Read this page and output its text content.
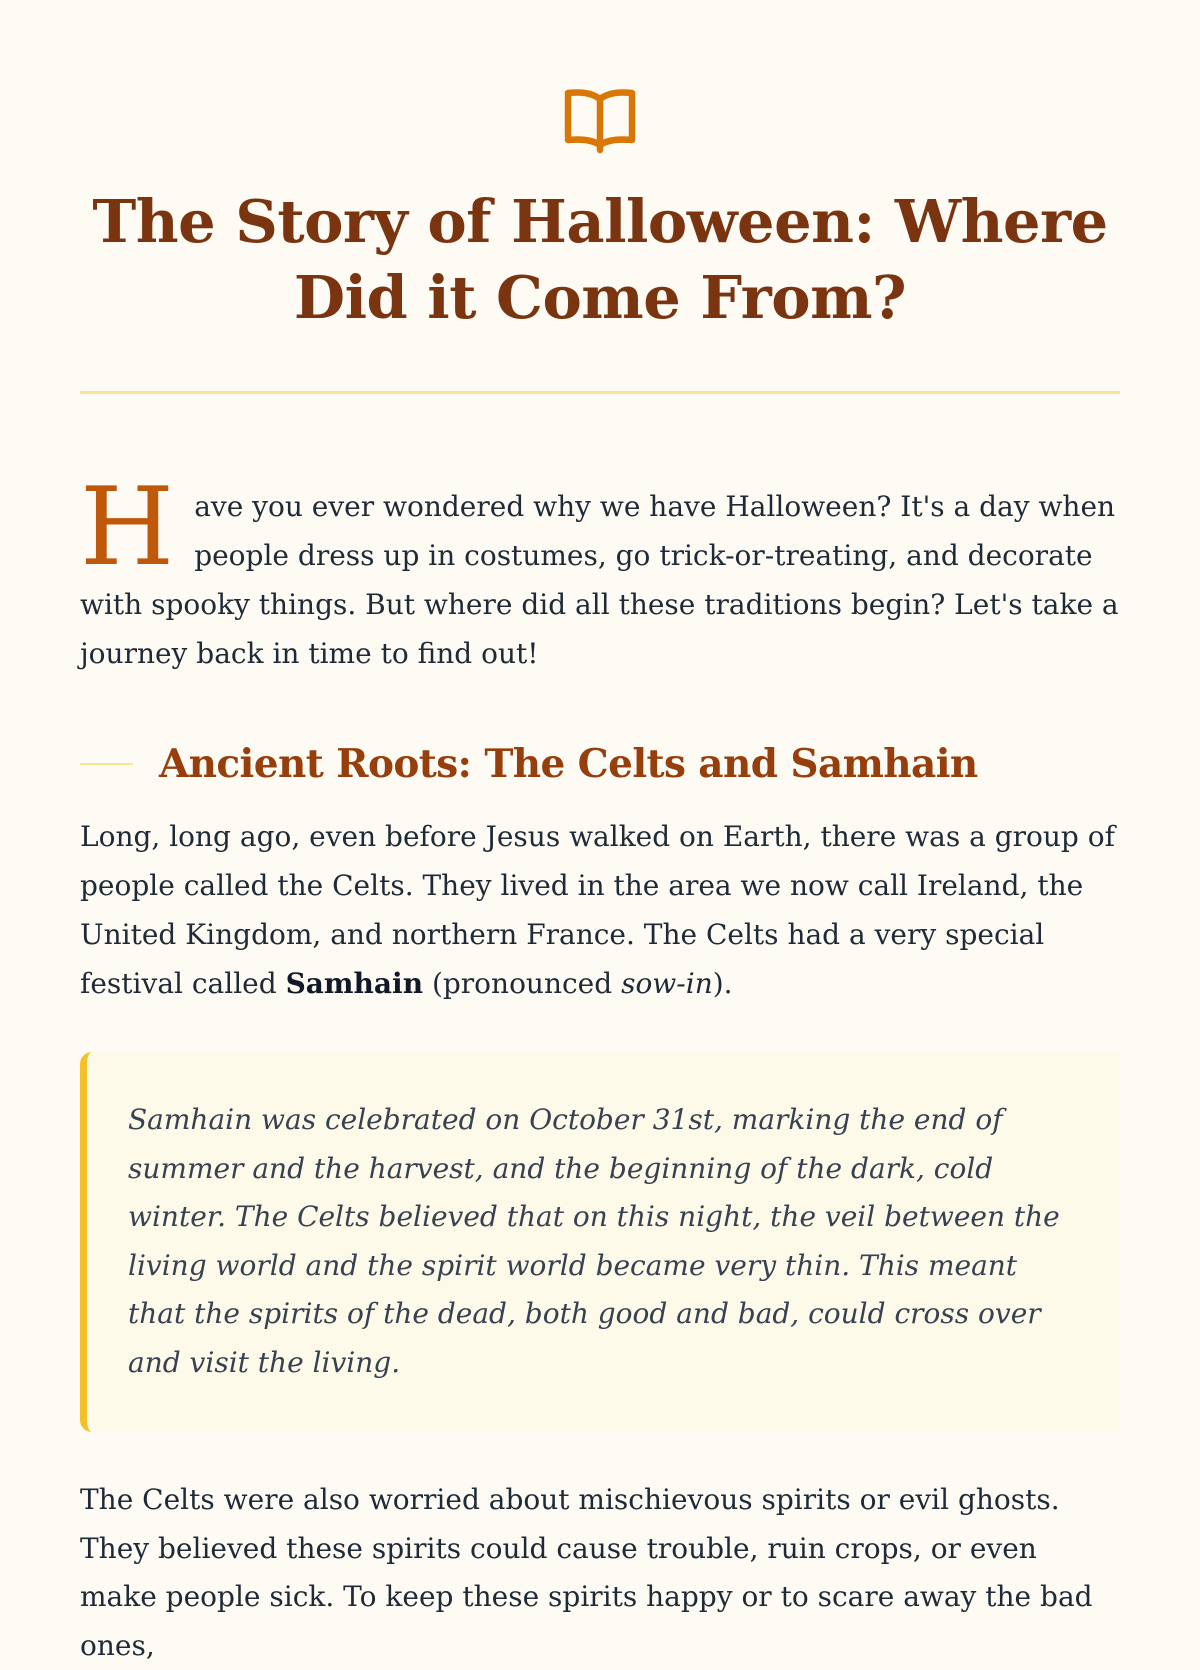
The Story of Halloween: Where Did it Come From?

Have you ever wondered why we have Halloween? It's a day when people dress up in costumes, go trick-or-treating, and decorate with spooky things. But where did all these traditions begin? Let's take a journey back in time to find out!

Ancient Roots: The Celts and Samhain

Long, long ago, even before Jesus walked on Earth, there was a group of people called the Celts. They lived in the area we now call Ireland, the United Kingdom, and northern France. The Celts had a very special festival called Samhain (pronounced sow-in).

Samhain was celebrated on October 31st, marking the end of summer and the harvest, and the beginning of the dark, cold winter. The Celts believed that on this night, the veil between the living world and the spirit world became very thin. This meant that the spirits of the dead, both good and bad, could cross over and visit the living.

The Celts were also worried about mischievous spirits or evil ghosts. They believed these spirits could cause trouble, ruin crops, or even make people sick. To keep these spirits happy or to scare away the bad ones,
